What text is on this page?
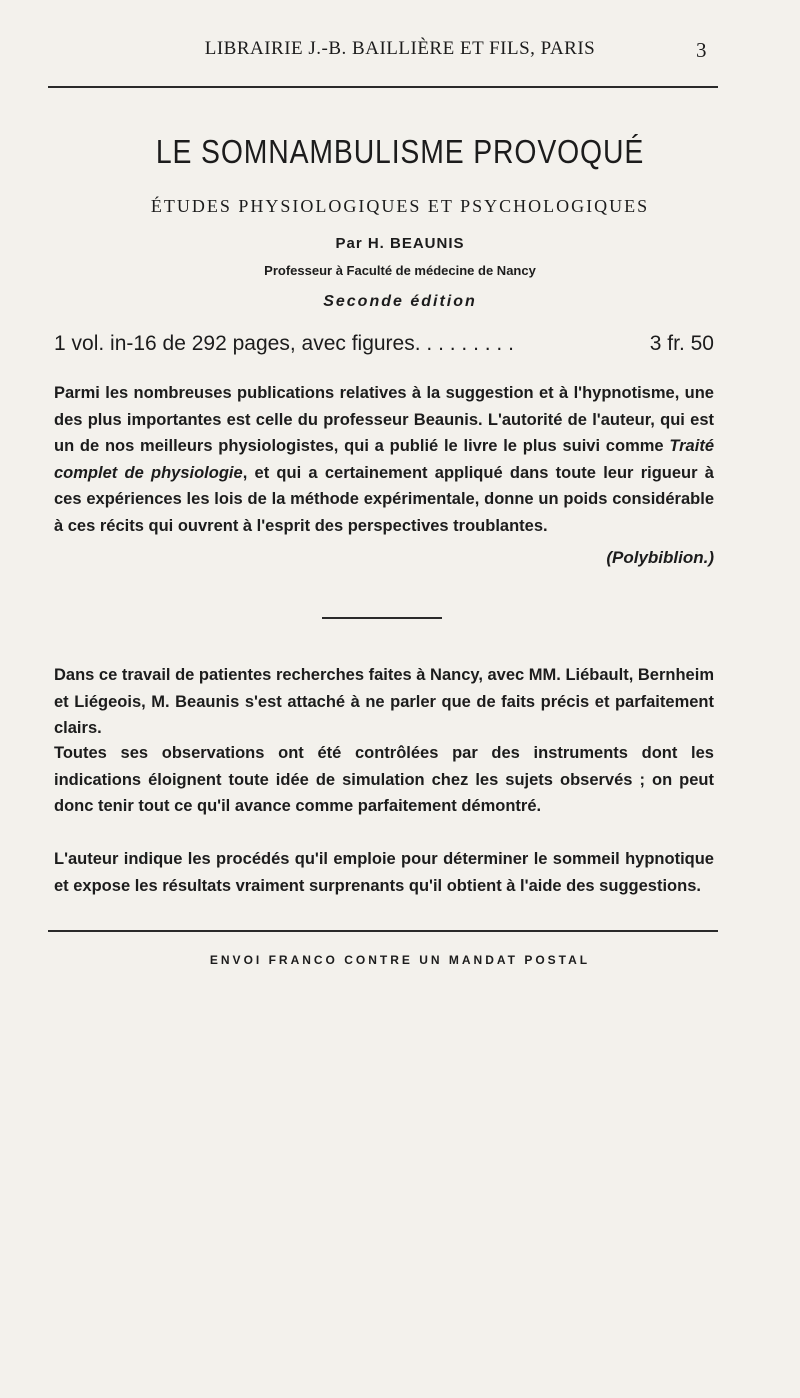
LIBRAIRIE J.-B. BAILLIÈRE ET FILS, PARIS	3
LE SOMNAMBULISME PROVOQUÉ
ÉTUDES PHYSIOLOGIQUES ET PSYCHOLOGIQUES
Par H. BEAUNIS
Professeur à Faculté de médecine de Nancy
Seconde édition
1 vol. in-16 de 292 pages, avec figures. . . . . . . . .	3 fr. 50

Parmi les nombreuses publications relatives à la suggestion et à l'hypnotisme, une des plus importantes est celle du professeur Beaunis. L'autorité de l'auteur, qui est un de nos meilleurs physiologistes, qui a publié le livre le plus suivi comme Traité complet de physiologie, et qui a certainement appliqué dans toute leur rigueur à ces expériences les lois de la méthode expérimentale, donne un poids considérable à ces récits qui ouvrent à l'esprit des perspectives troublantes.

(Polybiblion.)

Dans ce travail de patientes recherches faites à Nancy, avec MM. Liébault, Bernheim et Liégeois, M. Beaunis s'est attaché à ne parler que de faits précis et parfaitement clairs.

Toutes ses observations ont été contrôlées par des instruments dont les indications éloignent toute idée de simulation chez les sujets observés ; on peut donc tenir tout ce qu'il avance comme parfaitement démontré.

L'auteur indique les procédés qu'il emploie pour déterminer le sommeil hypnotique et expose les résultats vraiment surprenants qu'il obtient à l'aide des suggestions.

ENVOI FRANCO CONTRE UN MANDAT POSTAL
